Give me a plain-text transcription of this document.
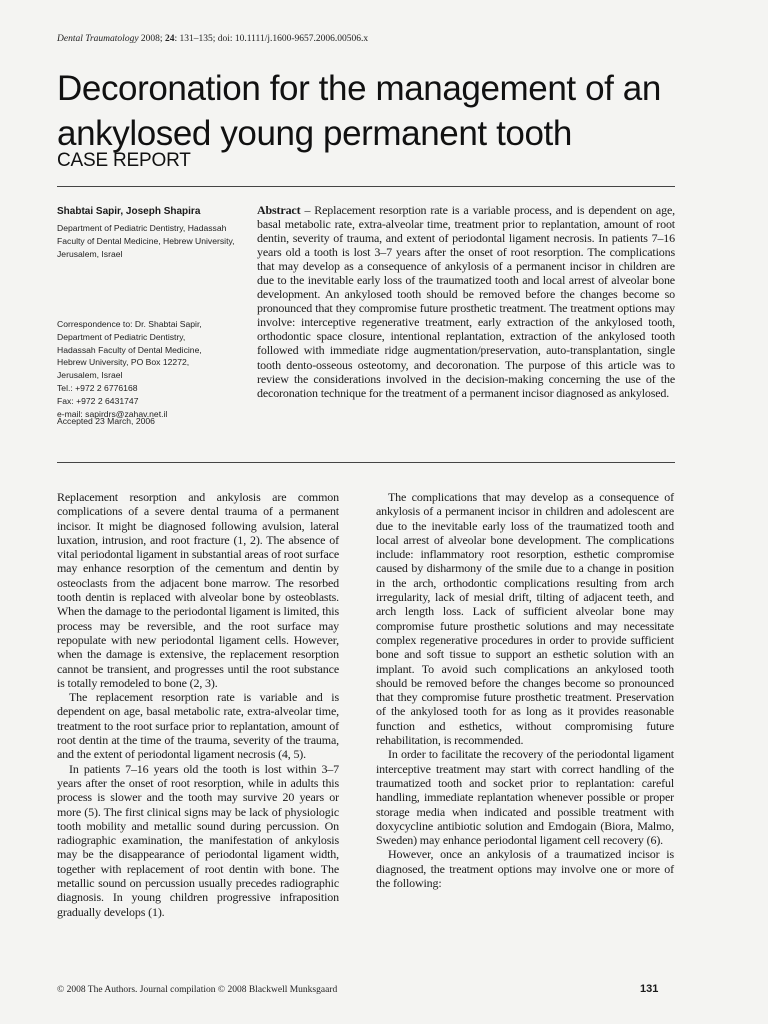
Dental Traumatology 2008; 24: 131–135; doi: 10.1111/j.1600-9657.2006.00506.x
Decoronation for the management of an ankylosed young permanent tooth
CASE REPORT
Shabtai Sapir, Joseph Shapira
Department of Pediatric Dentistry, Hadassah
Faculty of Dental Medicine, Hebrew University,
Jerusalem, Israel
Correspondence to: Dr. Shabtai Sapir,
Department of Pediatric Dentistry,
Hadassah Faculty of Dental Medicine,
Hebrew University, PO Box 12272,
Jerusalem, Israel
Tel.: +972 2 6776168
Fax: +972 2 6431747
e-mail: sapirdrs@zahav.net.il
Accepted 23 March, 2006
Abstract – Replacement resorption rate is a variable process, and is dependent on age, basal metabolic rate, extra-alveolar time, treatment prior to replantation, amount of root dentin, severity of trauma, and extent of periodontal ligament necrosis. In patients 7–16 years old a tooth is lost 3–7 years after the onset of root resorption. The complications that may develop as a consequence of ankylosis of a permanent incisor in children are due to the inevitable early loss of the traumatized tooth and local arrest of alveolar bone development. An ankylosed tooth should be removed before the changes become so pronounced that they compromise future prosthetic treatment. The treatment options may involve: interceptive regenerative treatment, early extraction of the ankylosed tooth, orthodontic space closure, intentional replantation, extraction of the ankylosed tooth followed with immediate ridge augmentation/preservation, auto-transplantation, single tooth dento-osseous osteotomy, and decoronation. The purpose of this article was to review the considerations involved in the decision-making concerning the use of the decoronation technique for the treatment of a permanent incisor diagnosed as ankylosed.

Replacement resorption and ankylosis are common complications of a severe dental trauma of a permanent incisor. It might be diagnosed following avulsion, lateral luxation, intrusion, and root fracture (1, 2). The absence of vital periodontal ligament in substantial areas of root surface may enhance resorption of the cementum and dentin by osteoclasts from the adjacent bone marrow. The resorbed tooth dentin is replaced with alveolar bone by osteoblasts. When the damage to the periodontal ligament is limited, this process may be reversible, and the root surface may repopulate with new periodontal ligament cells. However, when the damage is extensive, the replacement resorption cannot be transient, and progresses until the root substance is totally remodeled to bone (2, 3).

The replacement resorption rate is variable and is dependent on age, basal metabolic rate, extra-alveolar time, treatment to the root surface prior to replantation, amount of root dentin at the time of the trauma, severity of the trauma, and the extent of periodontal ligament necrosis (4, 5).

In patients 7–16 years old the tooth is lost within 3–7 years after the onset of root resorption, while in adults this process is slower and the tooth may survive 20 years or more (5). The first clinical signs may be lack of physiologic tooth mobility and metallic sound during percussion. On radiographic examination, the manifestation of ankylosis may be the disappearance of periodontal ligament width, together with replacement of root dentin with bone. The metallic sound on percussion usually precedes radiographic diagnosis. In young children progressive infraposition gradually develops (1).

The complications that may develop as a consequence of ankylosis of a permanent incisor in children and adolescent are due to the inevitable early loss of the traumatized tooth and local arrest of alveolar bone development. The complications include: inflammatory root resorption, esthetic compromise caused by disharmony of the smile due to a change in position in the arch, orthodontic complications resulting from arch irregularity, lack of mesial drift, tilting of adjacent teeth, and arch length loss. Lack of sufficient alveolar bone may compromise future prosthetic solutions and may necessitate complex regenerative procedures in order to provide sufficient bone and soft tissue to support an esthetic solution with an implant. To avoid such complications an ankylosed tooth should be removed before the changes become so pronounced that they compromise future prosthetic treatment. Preservation of the ankylosed tooth for as long as it provides reasonable function and esthetics, without compromising future rehabilitation, is recommended.

In order to facilitate the recovery of the periodontal ligament interceptive treatment may start with correct handling of the traumatized tooth and socket prior to replantation: careful handling, immediate replantation whenever possible or proper storage media when indicated and possible treatment with doxycycline antibiotic solution and Emdogain (Biora, Malmo, Sweden) may enhance periodontal ligament cell recovery (6).

However, once an ankylosis of a traumatized incisor is diagnosed, the treatment options may involve one or more of the following:

© 2008 The Authors. Journal compilation © 2008 Blackwell Munksgaard	131
